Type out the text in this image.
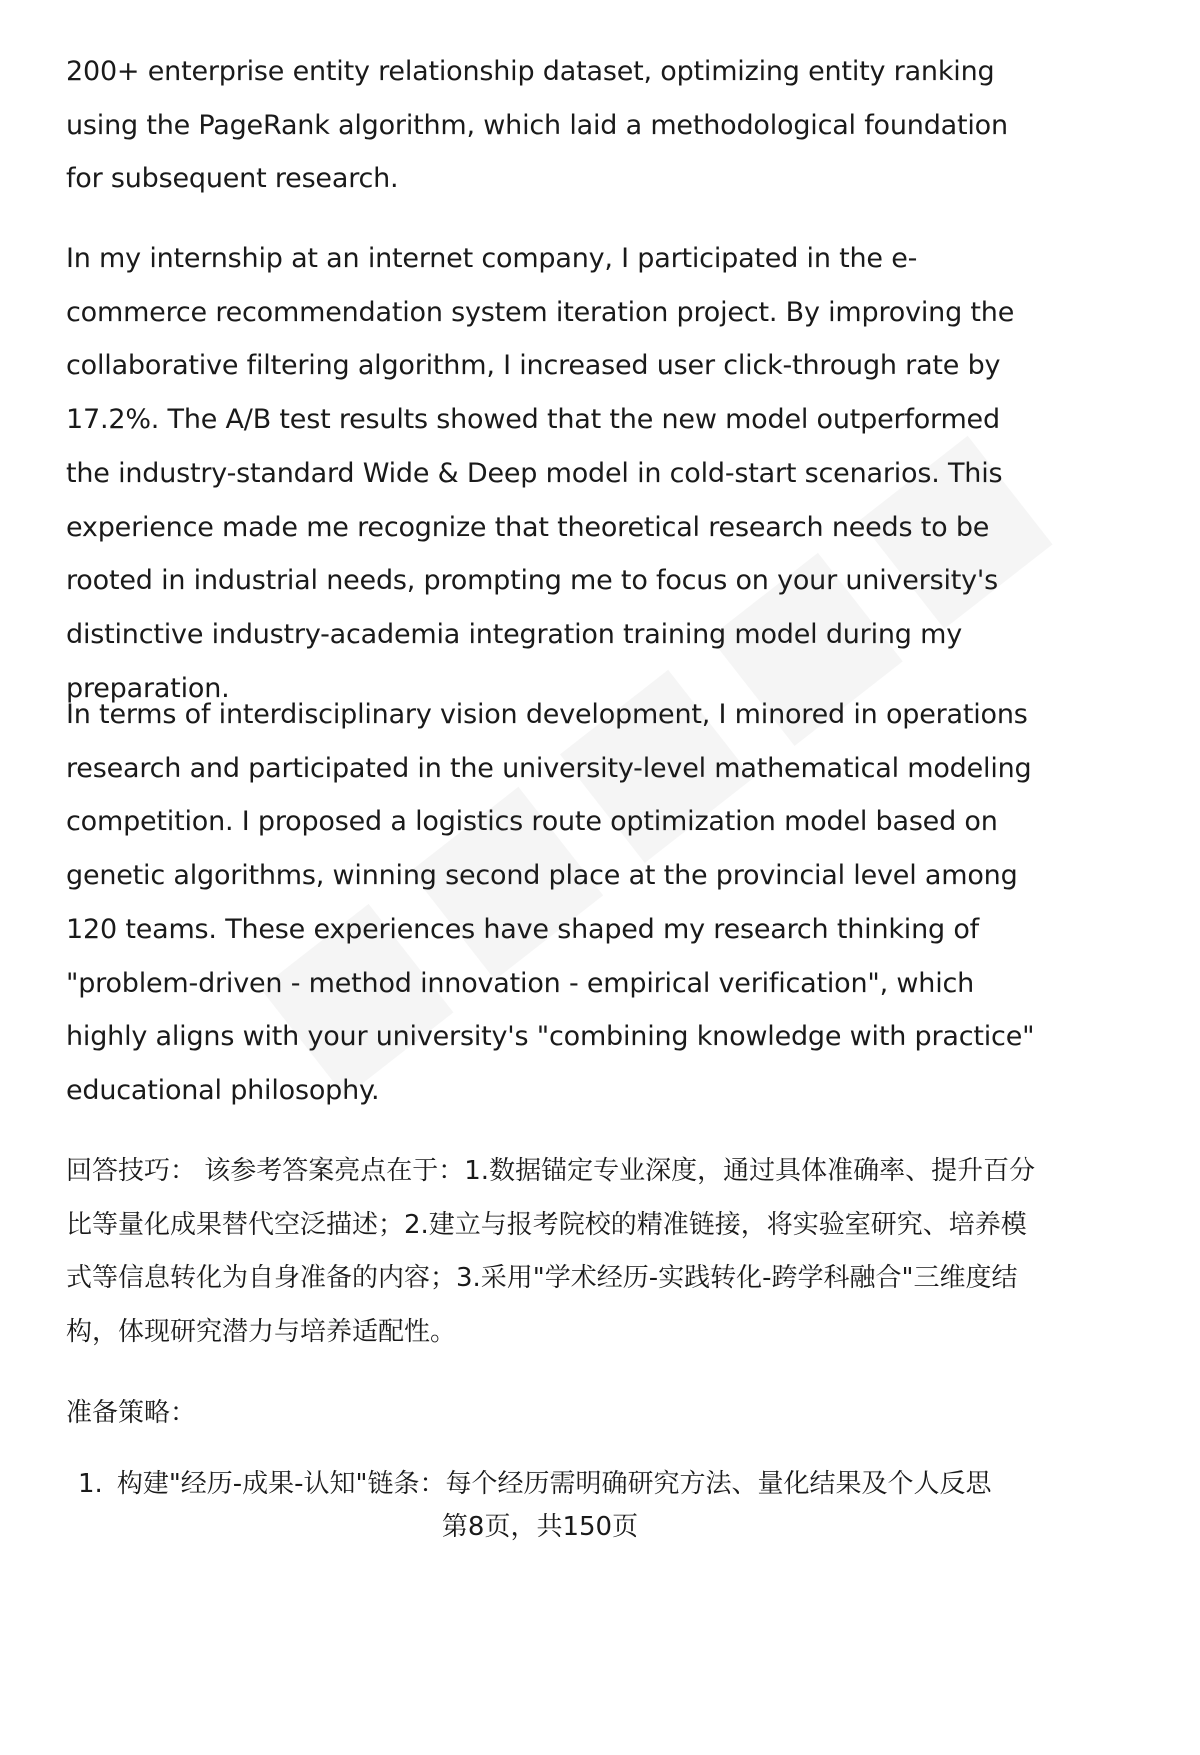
200+ enterprise entity relationship dataset, optimizing entity ranking using the PageRank algorithm, which laid a methodological foundation for subsequent research.

In my internship at an internet company, I participated in the e-commerce recommendation system iteration project. By improving the collaborative filtering algorithm, I increased user click-through rate by 17.2%. The A/B test results showed that the new model outperformed the industry-standard Wide & Deep model in cold-start scenarios. This experience made me recognize that theoretical research needs to be rooted in industrial needs, prompting me to focus on your university's distinctive industry-academia integration training model during my preparation.

In terms of interdisciplinary vision development, I minored in operations research and participated in the university-level mathematical modeling competition. I proposed a logistics route optimization model based on genetic algorithms, winning second place at the provincial level among 120 teams. These experiences have shaped my research thinking of "problem-driven - method innovation - empirical verification", which highly aligns with your university's "combining knowledge with practice" educational philosophy.

回答技巧： 该参考答案亮点在于：1.数据锚定专业深度，通过具体准确率、提升百分比等量化成果替代空泛描述；2.建立与报考院校的精准链接，将实验室研究、培养模式等信息转化为自身准备的内容；3.采用"学术经历-实践转化-跨学科融合"三维度结构，体现研究潜力与培养适配性。

准备策略：

1. 构建"经历-成果-认知"链条：每个经历需明确研究方法、量化结果及个人反思

第8页，共150页
